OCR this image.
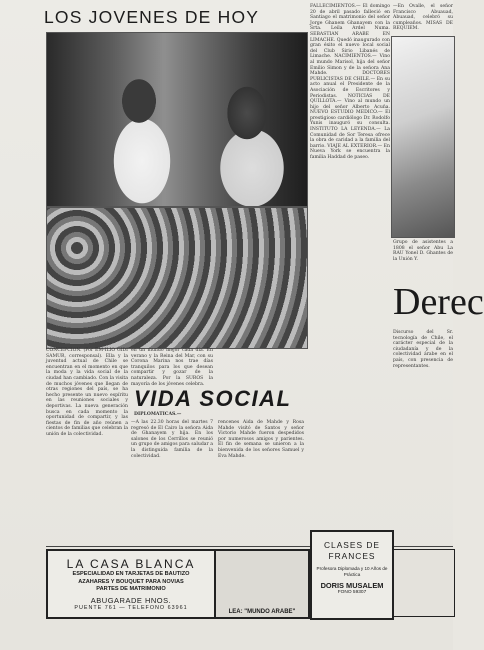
LOS JOVENES DE HOY
CONCEPCION. (Por EM-ILIO GIDI SAMUR, corresponsal). Ella y la juventud actual de Chile se encuentran en el momento en que la moda y la vida social de la ciudad han cambiado. Con la visita de muchos jóvenes que llegan de otras regiones del país, se ha hecho presente un nuevo espíritu en las reuniones sociales y deportivas. La nueva generación busca en cada momento la oportunidad de compartir, y las fiestas de fin de año reúnen a cientos de familias que celebran la unión de la colectividad.
en un mundo mejor cada día. En verano y la Reina del Mar, con su Corona Marina nos trae días tranquilos para los que desean compartir y gozar de la naturaleza. Por la SUROS la mayoría de los jóvenes celebra.
VIDA SOCIAL
DIPLOMATICAS.—
—A las 22.30 horas del martes 7 regresó de El Cairo la señora Aida de Ghanayem y hija. En los salones de los Cerrillos se reunió un grupo de amigos para saludar a la distinguida familia de la colectividad.
rencenes Aida de Mahde y Rosa Mahde visitó de Santos y señor Victorio Mahde fueron despedidos por numerosos amigos y parientes. El fin de semana se unieron a la bienvenida de los señores Samuel y Eva Mahde.
FALLECIMIENTOS.— El domingo 20 de abril pasado falleció en Santiago el matrimonio del señor Jorge Ghanem Ghanayem con la Srta. Leila Ardel Numa. SEBASTIAN ARABE EN LIMACHE. Quedó inaugurado con gran éxito el nuevo local social del Club Sirio Libanés de Limache. NACIMIENTOS.— Vino al mundo Marisol, hija del señor Emilio Simon y de la señora Ana Mahde. DOCTORES PUBLICISTAS DE CHILE.— En su acto anual el Presidente de la Asociación de Escritores y Periodistas. NOTICIAS DE QUILLOTA.— Vino al mundo un hijo del señor Alberto Acuña. NUEVO ESTUDIO MEDICO.— El prestigioso cardiólogo Dr. Rodolfo Yunis inauguró su consulta. INSTITUTO LA LEYENDA.— La Comunidad de Sor Teresa ofrece la obra de caridad a la familia del barrio. VIAJE AL EXTERIOR.— En Nueva York se encuentra la familia Haddad de paseo.
—En Ovalle, el señor Francisco Abuauad, Abuauad, celebró su cumpleaños. MISAS DE REQUIEM.
Grupo de asistentes a 1808 el señor Abu La RAU Yonel D. Ghantes de la Unión Y.
Derec
Discurso del Sr. tecnología de Chile, el carácter especial de la ciudadanía y de la colectividad árabe en el país, con presencia de representantes.
LA CASA BLANCA
ESPECIALIDAD EN TARJETAS DE BAUTIZO
AZAHARES Y BOUQUET PARA NOVIAS
PARTES DE MATRIMONIO
ABUGARADE HNOS.
PUENTE 761 — TELEFONO 63961
LEA: "MUNDO ARABE"
CLASES DE FRANCES
Profesora Diplomada y 10 Años de Práctica
DORIS MUSALEM
FONO 59307
